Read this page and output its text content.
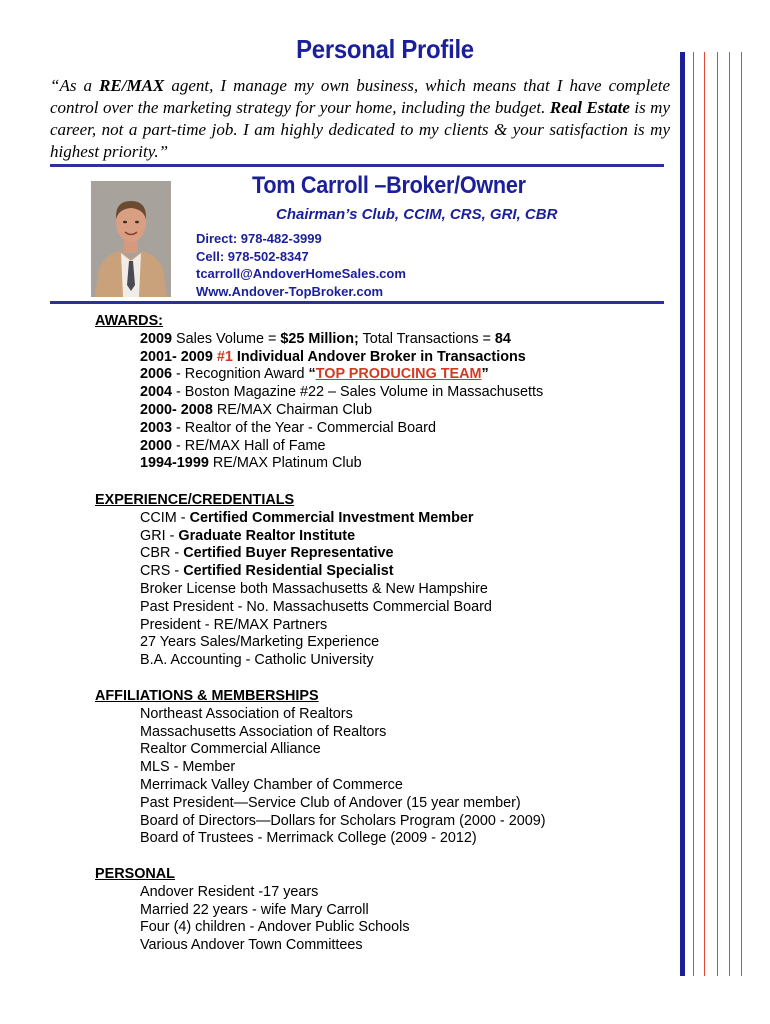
Personal Profile
“As a RE/MAX agent, I manage my own business, which means that I have complete control over the marketing strategy for your home, including the budget. Real Estate is my career, not a part-time job. I am highly dedicated to my clients & your satisfaction is my highest priority.”
Tom Carroll –Broker/Owner
Chairman’s Club, CCIM, CRS, GRI, CBR
Direct: 978-482-3999
Cell: 978-502-8347
tcarroll@AndoverHomeSales.com
Www.Andover-TopBroker.com
AWARDS:
2009 Sales Volume = $25 Million; Total Transactions = 84
2001- 2009 #1 Individual Andover Broker in Transactions
2006 - Recognition Award “TOP PRODUCING TEAM”
2004 - Boston Magazine #22 – Sales Volume in Massachusetts
2000- 2008 RE/MAX Chairman Club
2003 - Realtor of the Year - Commercial Board
2000 - RE/MAX Hall of Fame
1994-1999 RE/MAX Platinum Club
EXPERIENCE/CREDENTIALS
CCIM - Certified Commercial Investment Member
GRI - Graduate Realtor Institute
CBR - Certified Buyer Representative
CRS - Certified Residential Specialist
Broker License both Massachusetts & New Hampshire
Past President - No. Massachusetts Commercial Board
President - RE/MAX Partners
27 Years Sales/Marketing Experience
B.A. Accounting - Catholic University
AFFILIATIONS & MEMBERSHIPS
Northeast Association of Realtors
Massachusetts Association of Realtors
Realtor Commercial Alliance
MLS - Member
Merrimack Valley Chamber of Commerce
Past President—Service Club of Andover (15 year member)
Board of Directors—Dollars for Scholars Program (2000 - 2009)
Board of Trustees - Merrimack College (2009 - 2012)
PERSONAL
Andover Resident -17 years
Married 22 years - wife Mary Carroll
Four (4) children - Andover Public Schools
Various Andover Town Committees
